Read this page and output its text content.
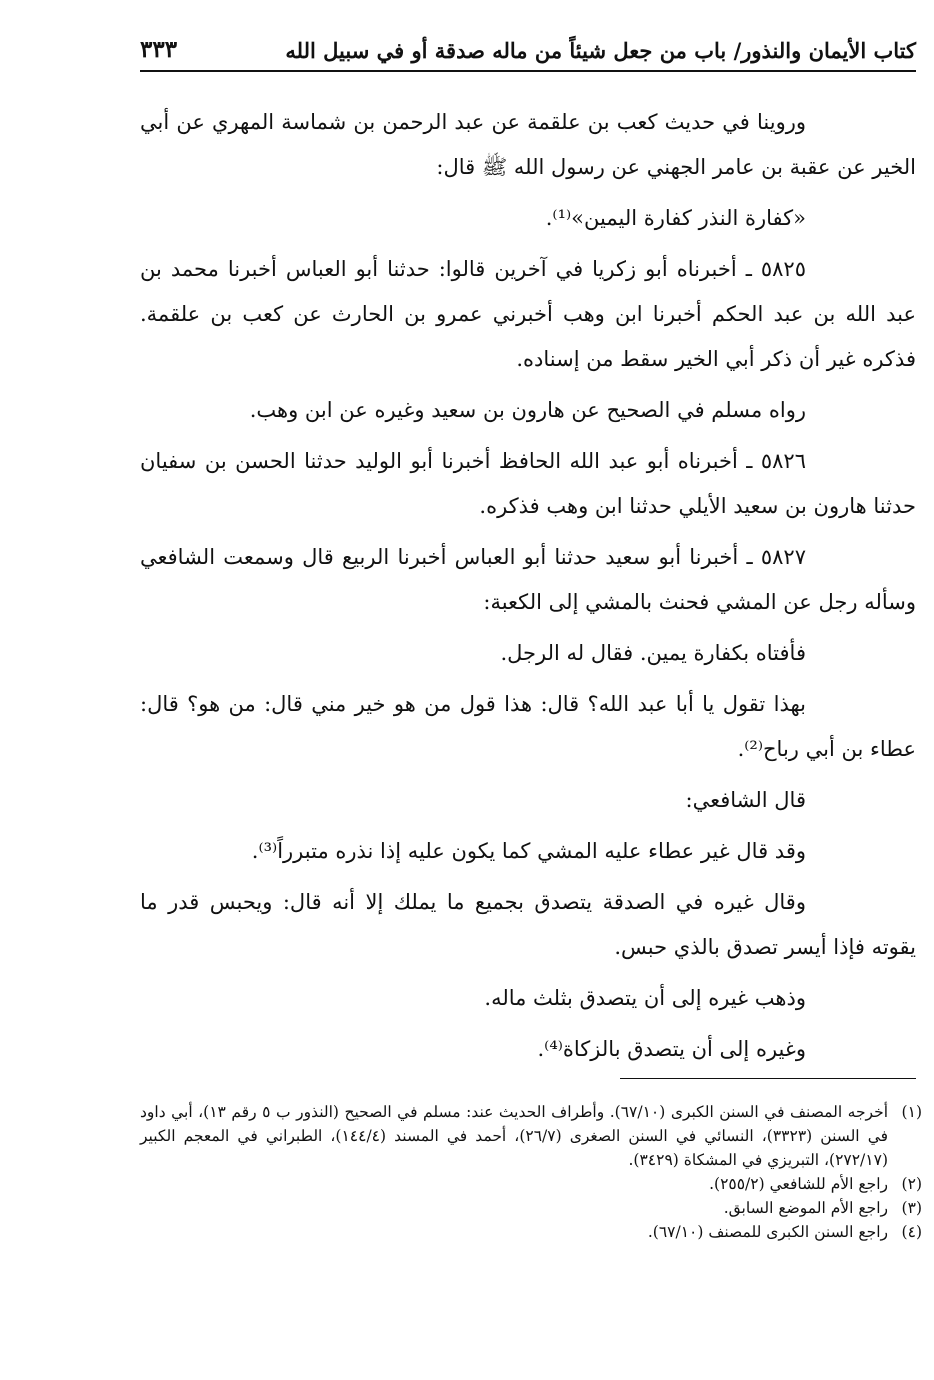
كتاب الأيمان والنذور/ باب من جعل شيئاً من ماله صدقة أو في سبيل الله
٣٣٣

وروينا في حديث كعب بن علقمة عن عبد الرحمن بن شماسة المهري عن أبي الخير عن عقبة بن عامر الجهني عن رسول الله ﷺ قال:

«كفارة النذر كفارة اليمين»⁽¹⁾.

٥٨٢٥ ـ أخبرناه أبو زكريا في آخرين قالوا: حدثنا أبو العباس أخبرنا محمد بن عبد الله بن عبد الحكم أخبرنا ابن وهب أخبرني عمرو بن الحارث عن كعب بن علقمة. فذكره غير أن ذكر أبي الخير سقط من إسناده.

رواه مسلم في الصحيح عن هارون بن سعيد وغيره عن ابن وهب.

٥٨٢٦ ـ أخبرناه أبو عبد الله الحافظ أخبرنا أبو الوليد حدثنا الحسن بن سفيان حدثنا هارون بن سعيد الأيلي حدثنا ابن وهب فذكره.

٥٨٢٧ ـ أخبرنا أبو سعيد حدثنا أبو العباس أخبرنا الربيع قال وسمعت الشافعي وسأله رجل عن المشي فحنث بالمشي إلى الكعبة:

فأفتاه بكفارة يمين. فقال له الرجل.

بهذا تقول يا أبا عبد الله؟ قال: هذا قول من هو خير مني قال: من هو؟ قال: عطاء بن أبي رباح⁽²⁾.

قال الشافعي:

وقد قال غير عطاء عليه المشي كما يكون عليه إذا نذره متبرراً⁽³⁾.

وقال غيره في الصدقة يتصدق بجميع ما يملك إلا أنه قال: ويحبس قدر ما يقوته فإذا أيسر تصدق بالذي حبس.

وذهب غيره إلى أن يتصدق بثلث ماله.

وغيره إلى أن يتصدق بالزكاة⁽⁴⁾.

(١)
أخرجه المصنف في السنن الكبرى (٦٧/١٠). وأطراف الحديث عند: مسلم في الصحيح (النذور ب ٥ رقم ١٣)، أبي داود في السنن (٣٣٢٣)، النسائي في السنن الصغرى (٢٦/٧)، أحمد في المسند (١٤٤/٤)، الطبراني في المعجم الكبير (٢٧٢/١٧)، التبريزي في المشكاة (٣٤٢٩).
(٢)
راجع الأم للشافعي (٢٥٥/٢).
(٣)
راجع الأم الموضع السابق.
(٤)
راجع السنن الكبرى للمصنف (٦٧/١٠).
